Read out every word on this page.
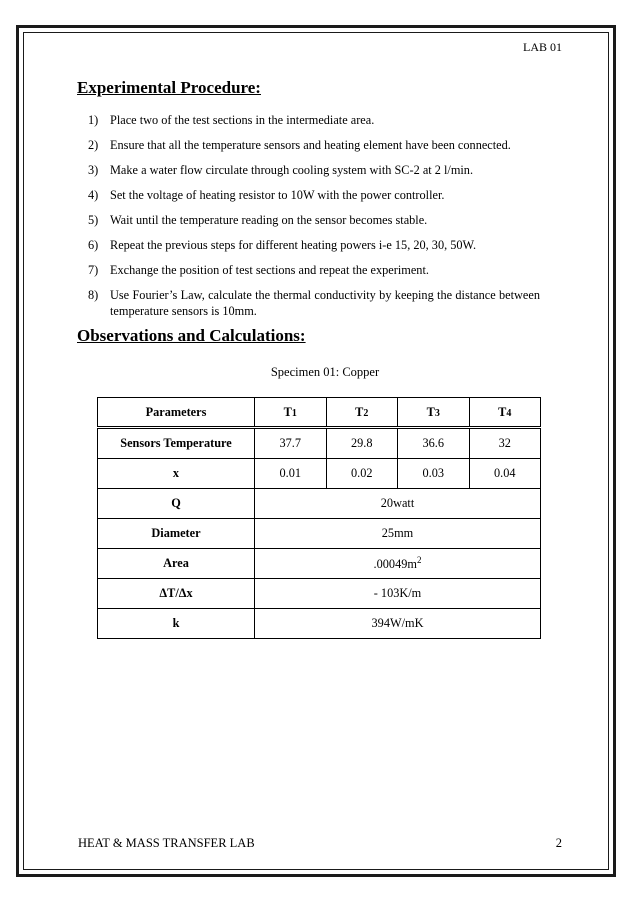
LAB 01
Experimental Procedure:
1) Place two of the test sections in the intermediate area.
2) Ensure that all the temperature sensors and heating element have been connected.
3) Make a water flow circulate through cooling system with SC-2 at 2 l/min.
4) Set the voltage of heating resistor to 10W with the power controller.
5) Wait until the temperature reading on the sensor becomes stable.
6) Repeat the previous steps for different heating powers i-e 15, 20, 30, 50W.
7) Exchange the position of test sections and repeat the experiment.
8) Use Fourier’s Law, calculate the thermal conductivity by keeping the distance between temperature sensors is 10mm.
Observations and Calculations:
Specimen 01: Copper
Parameters	T1	T2	T3	T4
Sensors Temperature	37.7	29.8	36.6	32
x	0.01	0.02	0.03	0.04
Q	20watt			
Diameter	25mm			
Area	$.00049m^2$
ΔT/Δx	- 103K/m			
k	394W/mK			
HEAT & MASS TRANSFER LAB	2
